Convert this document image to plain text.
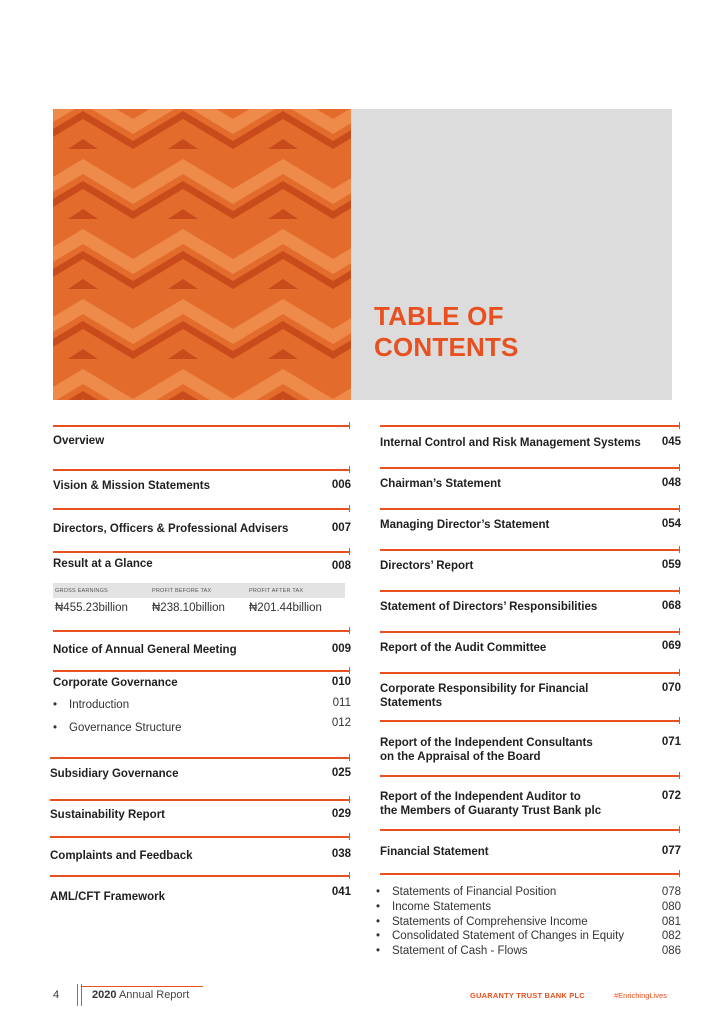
TABLE OF
CONTENTS
Overview
Vision & Mission Statements	006
Directors, Officers & Professional Advisers	007
Result at a Glance	008
GROSS EARNINGS	PROFIT BEFORE TAX	PROFIT AFTER TAX
₦455.23billion ₦238.10billion ₦201.44billion
Notice of Annual General Meeting	009
Corporate Governance	010
• Introduction	011
• Governance Structure	012
Subsidiary Governance	025
Sustainability Report	029
Complaints and Feedback	038
AML/CFT Framework	041
Internal Control and Risk Management Systems	045
Chairman’s Statement	048
Managing Director’s Statement	054
Directors’ Report	059
Statement of Directors’ Responsibilities	068
Report of the Audit Committee	069
Corporate Responsibility for Financial
Statements
070
Report of the Independent Consultants
on the Appraisal of the Board
071
Report of the Independent Auditor to
the Members of Guaranty Trust Bank plc
072
Financial Statement	077
• Statements of Financial Position	078
• Income Statements	080
• Statements of Comprehensive Income	081
• Consolidated Statement of Changes in Equity	082
• Statement of Cash - Flows	086
4	2020 Annual Report	GUARANTY TRUST BANK PLC	#EnrichingLives
